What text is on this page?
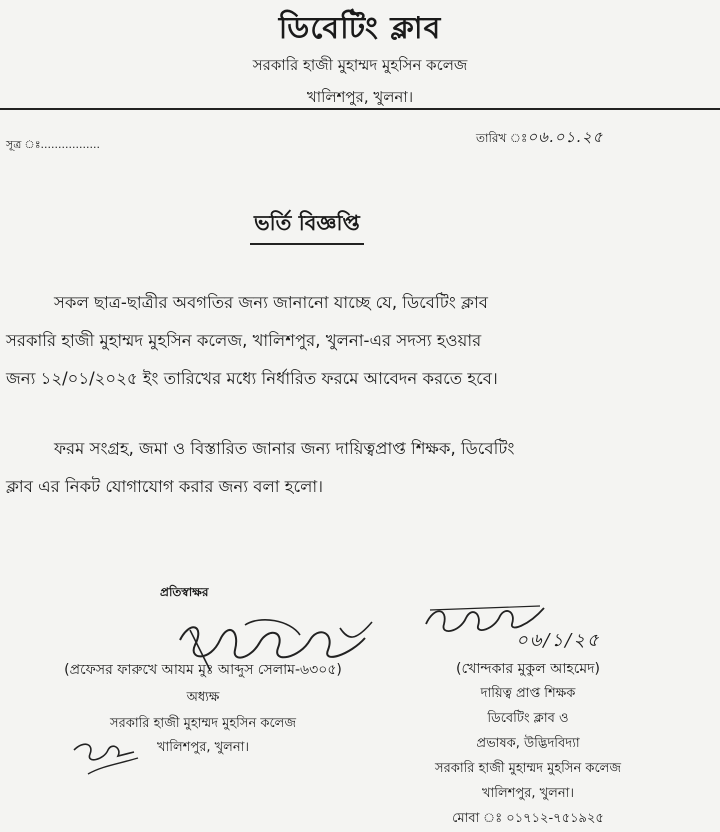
ডিবেটিং ক্লাব
সরকারি হাজী মুহাম্মদ মুহসিন কলেজ
খালিশপুর, খুলনা।
সূত্র ঃ.................	তারিখ ঃ০৬.০১.২৫
ভর্তি বিজ্ঞপ্তি
সকল ছাত্র-ছাত্রীর অবগতির জন্য জানানো যাচ্ছে যে, ডিবেটিং ক্লাব
সরকারি হাজী মুহাম্মদ মুহসিন কলেজ, খালিশপুর, খুলনা-এর সদস্য হওয়ার
জন্য ১২/০১/২০২৫ ইং তারিখের মধ্যে নির্ধারিত ফরমে আবেদন করতে হবে।
ফরম সংগ্রহ, জমা ও বিস্তারিত জানার জন্য দায়িত্বপ্রাপ্ত শিক্ষক, ডিবেটিং
ক্লাব এর নিকট যোগাযোগ করার জন্য বলা হলো।
প্রতিস্বাক্ষর
০৬/১/২৫
(প্রফেসর ফারুখে আযম মুঃ আব্দুস সেলাম-৬৩০৫)
অধ্যক্ষ
সরকারি হাজী মুহাম্মদ মুহসিন কলেজ
খালিশপুর, খুলনা।
(খোন্দকার মুকুল আহমেদ)
দায়িত্ব প্রাপ্ত শিক্ষক
ডিবেটিং ক্লাব ও
প্রভাষক, উদ্ভিদবিদ্যা
সরকারি হাজী মুহাম্মদ মুহসিন কলেজ
খালিশপুর, খুলনা।
মোবা ঃ ০১৭১২-৭৫১৯২৫
